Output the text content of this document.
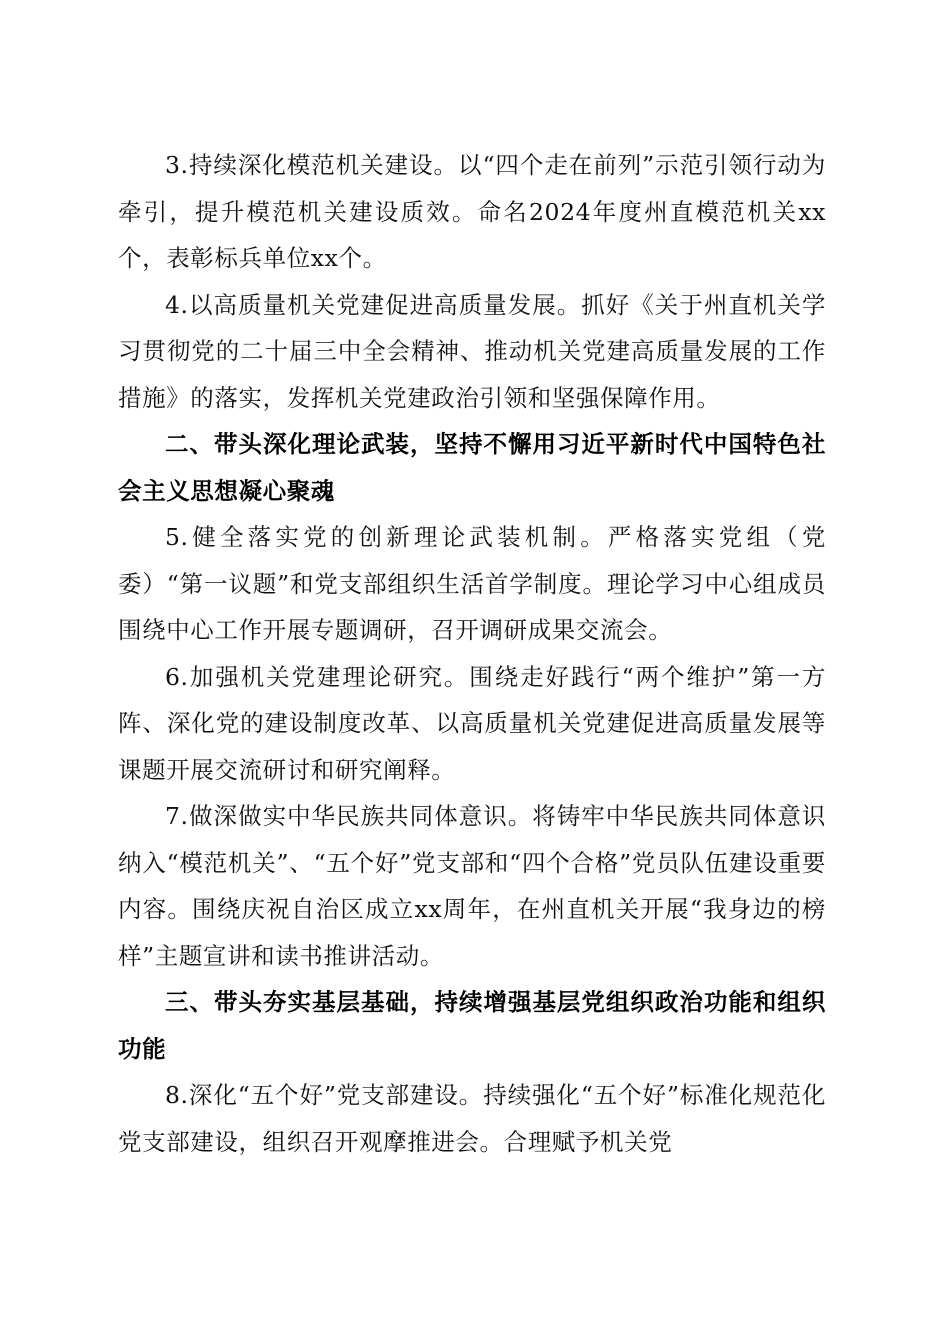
3.持续深化模范机关建设。以“四个走在前列”示范引领行动为牵引，提升模范机关建设质效。命名2024年度州直模范机关xx个，表彰标兵单位xx个。

4.以高质量机关党建促进高质量发展。抓好《关于州直机关学习贯彻党的二十届三中全会精神、推动机关党建高质量发展的工作措施》的落实，发挥机关党建政治引领和坚强保障作用。

二、带头深化理论武装，坚持不懈用习近平新时代中国特色社会主义思想凝心聚魂

5.健全落实党的创新理论武装机制。严格落实党组（党委）“第一议题”和党支部组织生活首学制度。理论学习中心组成员围绕中心工作开展专题调研，召开调研成果交流会。

6.加强机关党建理论研究。围绕走好践行“两个维护”第一方阵、深化党的建设制度改革、以高质量机关党建促进高质量发展等课题开展交流研讨和研究阐释。

7.做深做实中华民族共同体意识。将铸牢中华民族共同体意识纳入“模范机关”、“五个好”党支部和“四个合格”党员队伍建设重要内容。围绕庆祝自治区成立xx周年，在州直机关开展“我身边的榜样”主题宣讲和读书推讲活动。

三、带头夯实基层基础，持续增强基层党组织政治功能和组织功能

8.深化“五个好”党支部建设。持续强化“五个好”标准化规范化党支部建设，组织召开观摩推进会。合理赋予机关党
